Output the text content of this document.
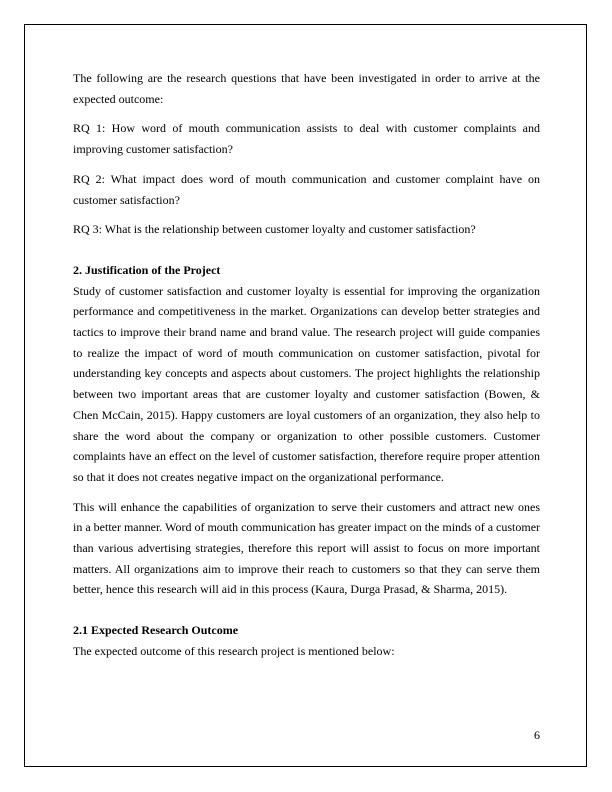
The following are the research questions that have been investigated in order to arrive at the expected outcome:

RQ 1: How word of mouth communication assists to deal with customer complaints and improving customer satisfaction?

RQ 2: What impact does word of mouth communication and customer complaint have on customer satisfaction?

RQ 3: What is the relationship between customer loyalty and customer satisfaction?

2. Justification of the Project

Study of customer satisfaction and customer loyalty is essential for improving the organization performance and competitiveness in the market. Organizations can develop better strategies and tactics to improve their brand name and brand value. The research project will guide companies to realize the impact of word of mouth communication on customer satisfaction, pivotal for understanding key concepts and aspects about customers. The project highlights the relationship between two important areas that are customer loyalty and customer satisfaction (Bowen, & Chen McCain, 2015). Happy customers are loyal customers of an organization, they also help to share the word about the company or organization to other possible customers. Customer complaints have an effect on the level of customer satisfaction, therefore require proper attention so that it does not creates negative impact on the organizational performance.

This will enhance the capabilities of organization to serve their customers and attract new ones in a better manner. Word of mouth communication has greater impact on the minds of a customer than various advertising strategies, therefore this report will assist to focus on more important matters. All organizations aim to improve their reach to customers so that they can serve them better, hence this research will aid in this process (Kaura, Durga Prasad, & Sharma, 2015).

2.1 Expected Research Outcome

The expected outcome of this research project is mentioned below:

6
